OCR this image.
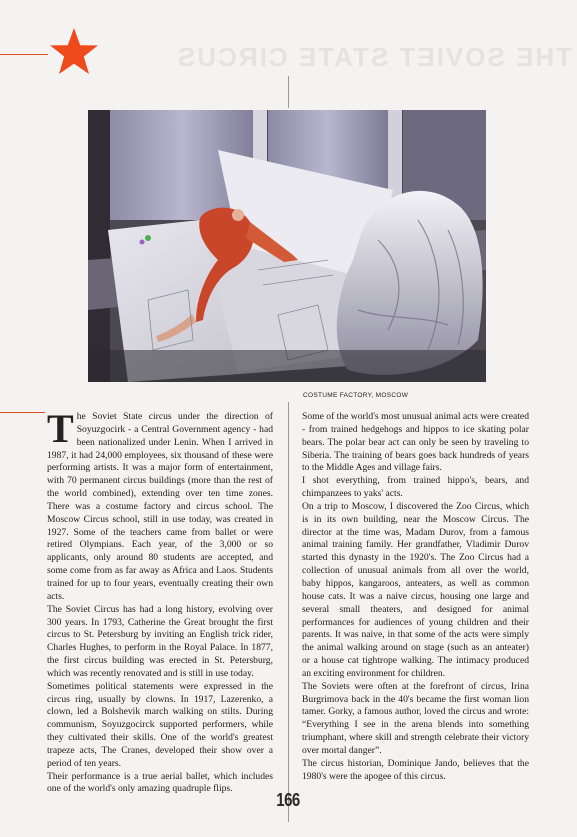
THE SOVIET STATE CIRCUS
COSTUME FACTORY, MOSCOW

The Soviet State circus under the direction of Soyuzgocirk - a Central Government agency - had been nationalized under Lenin. When I arrived in 1987, it had 24,000 employees, six thousand of these were performing artists. It was a major form of entertainment, with 70 permanent circus buildings (more than the rest of the world combined), extending over ten time zones. There was a costume factory and circus school. The Moscow Circus school, still in use today, was created in 1927. Some of the teachers came from ballet or were retired Olympians. Each year, of the 3,000 or so applicants, only around 80 students are accepted, and some come from as far away as Africa and Laos. Students trained for up to four years, eventually creating their own acts.

The Soviet Circus has had a long history, evolving over 300 years. In 1793, Catherine the Great brought the first circus to St. Petersburg by inviting an English trick rider, Charles Hughes, to perform in the Royal Palace. In 1877, the first circus building was erected in St. Petersburg, which was recently renovated and is still in use today.

Sometimes political statements were expressed in the circus ring, usually by clowns. In 1917, Lazerenko, a clown, led a Bolshevik march walking on stilts. During communism, Soyuzgocirck supported performers, while they cultivated their skills. One of the world's greatest trapeze acts, The Cranes, developed their show over a period of ten years.

Their performance is a true aerial ballet, which includes one of the world's only amazing quadruple flips.

Some of the world's most unusual animal acts were created - from trained hedgehogs and hippos to ice skating polar bears. The polar bear act can only be seen by traveling to Siberia. The training of bears goes back hundreds of years to the Middle Ages and village fairs.

I shot everything, from trained hippo's, bears, and chimpanzees to yaks' acts.

On a trip to Moscow, I discovered the Zoo Circus, which is in its own building, near the Moscow Circus. The director at the time was, Madam Durov, from a famous animal training family. Her grandfather, Vladimir Durov started this dynasty in the 1920's. The Zoo Circus had a collection of unusual animals from all over the world, baby hippos, kangaroos, anteaters, as well as common house cats. It was a naive circus, housing one large and several small theaters, and designed for animal performances for audiences of young children and their parents. It was naive, in that some of the acts were simply the animal walking around on stage (such as an anteater) or a house cat tightrope walking. The intimacy produced an exciting environment for children.

The Soviets were often at the forefront of circus, Irina Burgrimova back in the 40's became the first woman lion tamer. Gorky, a famous author, loved the circus and wrote: “Everything I see in the arena blends into something triumphant, where skill and strength celebrate their victory over mortal danger”.

The circus historian, Dominique Jando, believes that the 1980's were the apogee of this circus.

166
